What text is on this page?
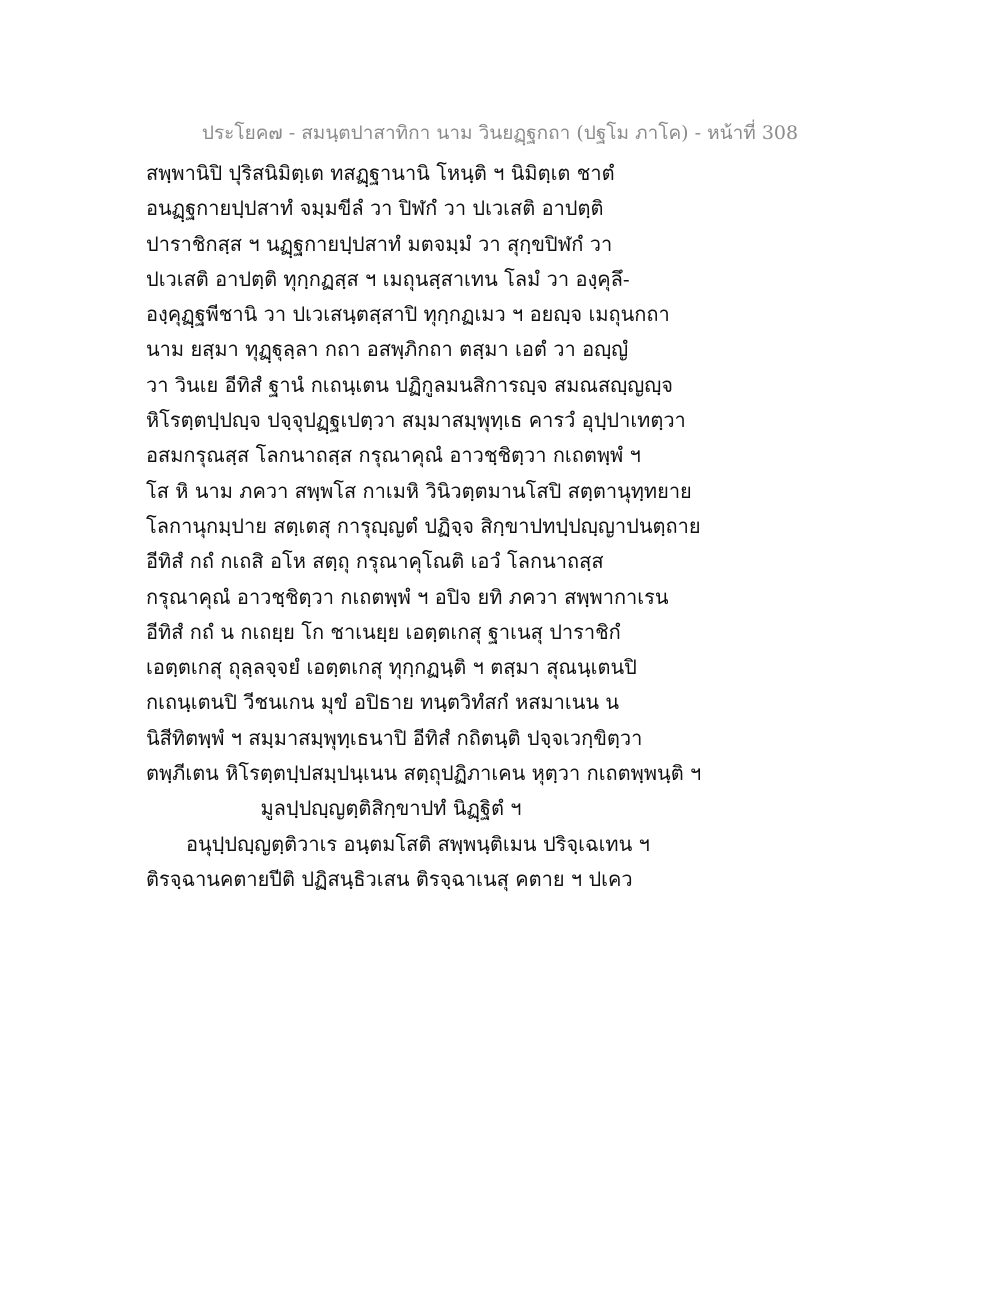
ประโยค๗ - สมนฺตปาสาทิกา นาม วินยฏฺฐกถา (ปฐโม ภาโค) - หน้าที่ 308
สพฺพานิปิ ปุริสนิมิตฺเต ทสฏฺฐานานิ โหนฺติ ฯ นิมิตฺเต ชาตํ
อนฏฺฐกายปฺปสาทํ จมฺมขีลํ วา ปิฬกํ วา ปเวเสติ อาปตฺติ
ปาราชิกสฺส ฯ นฏฺฐกายปฺปสาทํ มตจมฺมํ วา สุกฺขปิฬกํ วา
ปเวเสติ อาปตฺติ ทุกฺกฏสฺส ฯ เมถุนสฺสาเทน โลมํ วา องฺคุลึ-
องฺคุฏฺฐพีชานิ วา ปเวเสนฺตสฺสาปิ ทุกฺกฏเมว ฯ อยญฺจ เมถุนกถา
นาม ยสฺมา ทุฏฺฐุลฺลา กถา อสพฺภิกถา ตสฺมา เอตํ วา อญฺญํ
วา วินเย อีทิสํ ฐานํ กเถนฺเตน ปฏิกูลมนสิการญฺจ สมณสญฺญญฺจ
หิโรตฺตปฺปญฺจ ปจฺจุปฏฺฐเปตฺวา สมฺมาสมฺพุทฺเธ คารวํ อุปฺปาเทตฺวา
อสมกรุณสฺส โลกนาถสฺส กรุณาคุณํ อาวชฺชิตฺวา กเถตพฺพํ ฯ
โส หิ นาม ภควา สพฺพโส กาเมหิ วินิวตฺตมานโสปิ สตฺตานุทฺทยาย
โลกานุกมฺปาย สตฺเตสุ การุญฺญตํ ปฏิจฺจ สิกฺขาปทปฺปญฺญาปนตฺถาย
อีทิสํ กถํ กเถสิ อโห สตฺถุ กรุณาคุโณติ เอวํ โลกนาถสฺส
กรุณาคุณํ อาวชฺชิตฺวา กเถตพฺพํ ฯ อปิจ ยทิ ภควา สพฺพากาเรน
อีทิสํ กถํ น กเถยฺย โก ชาเนยฺย เอตฺตเกสุ ฐาเนสุ ปาราชิกํ
เอตฺตเกสุ ถุลฺลจฺจยํ เอตฺตเกสุ ทุกฺกฏนฺติ ฯ ตสฺมา สุณนฺเตนปิ
กเถนฺเตนปิ วีชนเกน มุขํ อปิธาย ทนฺตวิทํสกํ หสมาเนน น
นิสีทิตพฺพํ ฯ สมฺมาสมฺพุทฺเธนาปิ อีทิสํ กถิตนฺติ ปจฺจเวกฺขิตฺวา
ตพฺภีเตน หิโรตฺตปฺปสมฺปนฺเนน สตฺถุปฏิภาเคน หุตฺวา กเถตพฺพนฺติ ฯ
มูลปฺปญฺญตฺติสิกฺขาปทํ นิฏฺฐิตํ ฯ
อนุปฺปญฺญตฺติวาเร อนฺตมโสติ สพฺพนฺติเมน ปริจฺเฉเทน ฯ
ติรจฺฉานคตายปีติ ปฏิสนฺธิวเสน ติรจฺฉาเนสุ คตาย ฯ ปเคว
